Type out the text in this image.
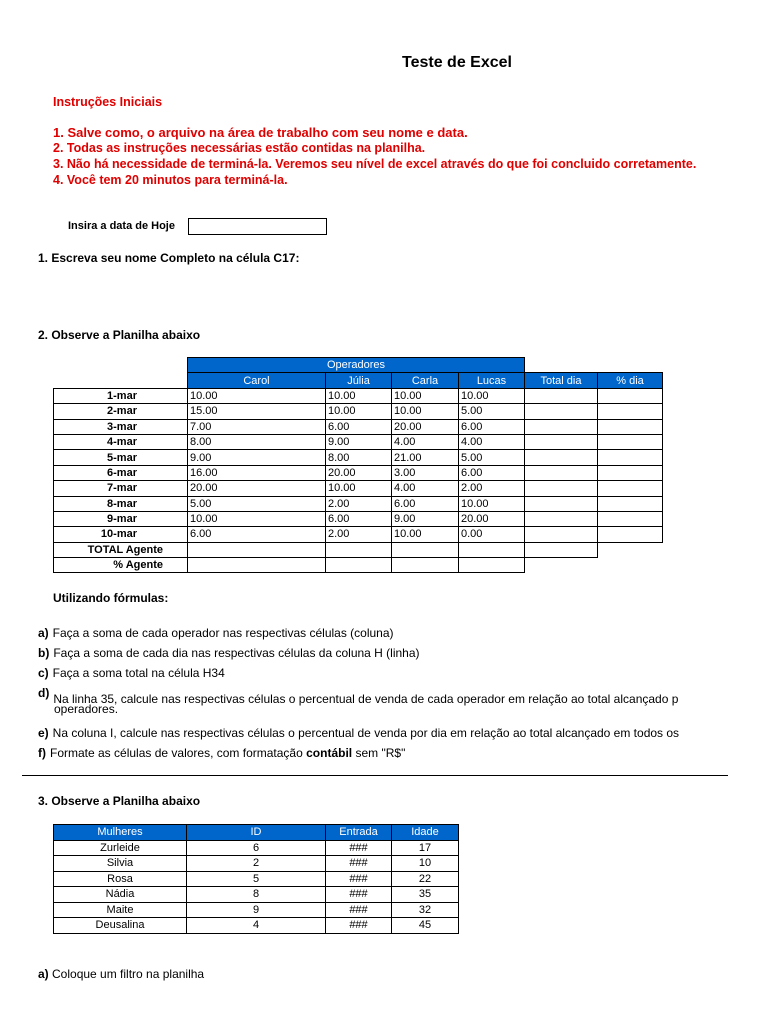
Teste de Excel
Instruções Iniciais
1. Salve como, o arquivo na área de trabalho com seu nome e data.
2. Todas as instruções necessárias estão contidas na planilha.
3. Não há necessidade de terminá-la. Veremos seu nível de excel através do que foi concluido corretamente.
4. Você tem 20 minutos para terminá-la.
Insira a data de Hoje
1. Escreva seu nome Completo na célula C17:
2. Observe a Planilha abaixo
	Operadores					
	Carol	Júlia	Carla	Lucas	Total dia	% dia
1-mar	10.00	10.00	10.00	10.00		
2-mar	15.00	10.00	10.00	5.00		
3-mar	7.00	6.00	20.00	6.00		
4-mar	8.00	9.00	4.00	4.00		
5-mar	9.00	8.00	21.00	5.00		
6-mar	16.00	20.00	3.00	6.00		
7-mar	20.00	10.00	4.00	2.00		
8-mar	5.00	2.00	6.00	10.00		
9-mar	10.00	6.00	9.00	20.00		
10-mar	6.00	2.00	10.00	0.00		
TOTAL Agente						
% Agente						
Utilizando fórmulas:
a) Faça a soma de cada operador nas respectivas células (coluna)
b) Faça a soma de cada dia nas respectivas células da coluna H (linha)
c) Faça a soma total na célula H34
d) Na linha 35, calcule nas respectivas células o percentual de venda de cada operador em relação ao total alcançado p
operadores.
e) Na coluna I, calcule nas respectivas células o percentual de venda por dia em relação ao total alcançado em todos os
f) Formate as células de valores, com formatação contábil sem "R$"
3. Observe a Planilha abaixo
Mulheres	ID	Entrada	Idade
Zurleide	6	###	17
Silvia	2	###	10
Rosa	5	###	22
Nádia	8	###	35
Maite	9	###	32
Deusalina	4	###	45
a) Coloque um filtro na planilha
